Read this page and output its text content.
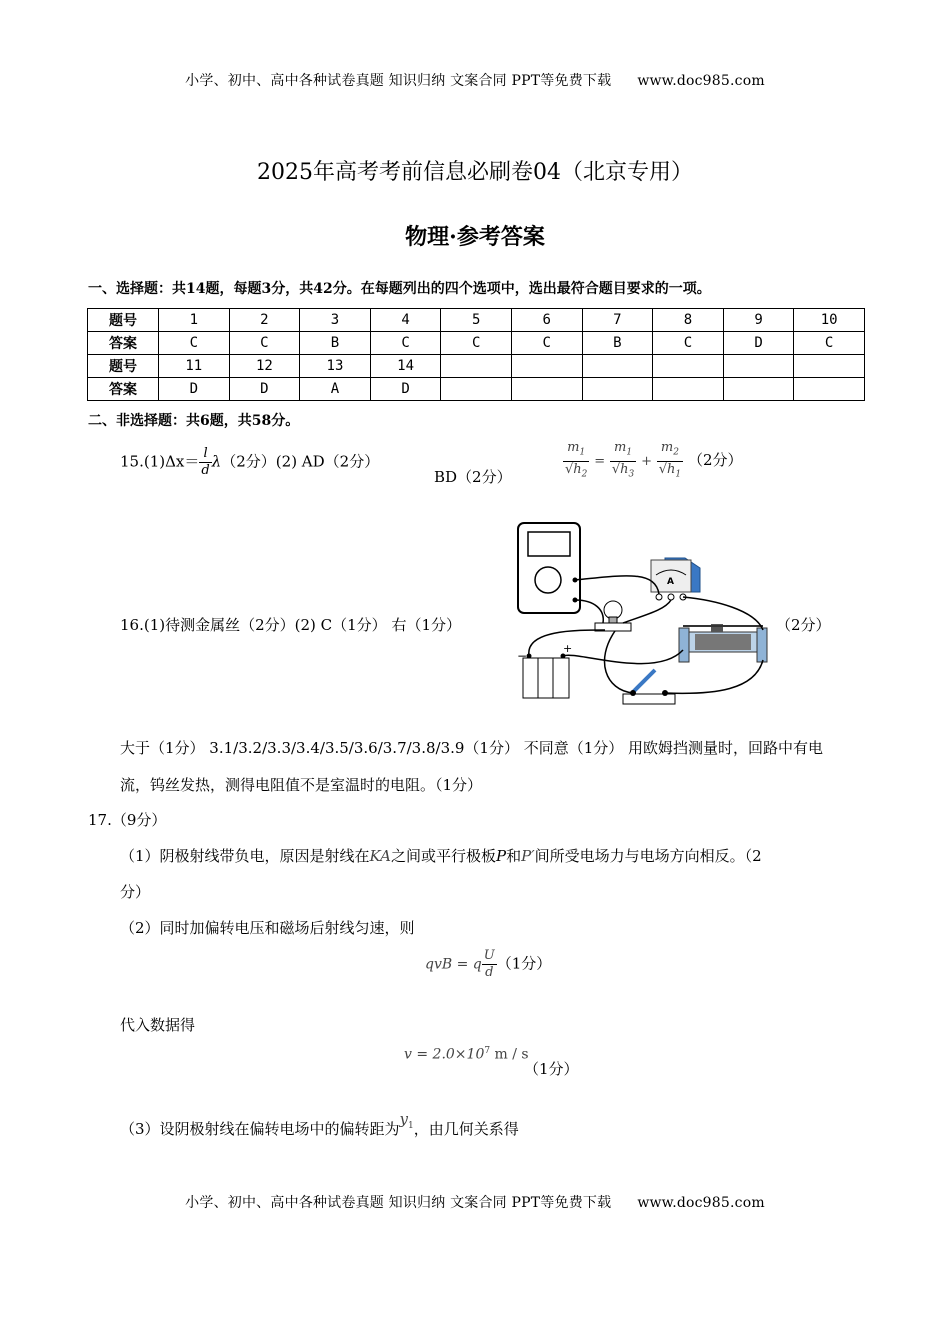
小学、初中、高中各种试卷真题 知识归纳 文案合同 PPT等免费下载 www.doc985.com
2025年高考考前信息必刷卷04（北京专用）
物理·参考答案
一、选择题：共14题，每题3分，共42分。在每题列出的四个选项中，选出最符合题目要求的一项。
题号	1	2	3	4	5	6	7	8	9	10
答案	C	C	B	C	C	C	B	C	D	C
题号	11	12	13	14						
答案	D	D	A	D						
二、非选择题：共6题，共58分。
$15.(1)\Delta x= \frac{l}{d} \lambda(2$分）(2) AD（2分）
BD（2分）	$\frac{m_1}{√h_2} = \frac{m_1}{√h_3} + \frac{m_2}{√h_1} (2$分）
16.(1)待测金属丝（2分）(2) C（1分） 右（1分）	（2分）
A
−
+
大于（1分） 3.1/3.2/3.3/3.4/3.5/3.6/3.7/3.8/3.9（1分） 不同意（1分） 用欧姆挡测量时，回路中有电
流，钨丝发热，测得电阻值不是室温时的电阻。（1分）
17.（9分）
（1）阴极射线带负电，原因是射线在KA之间或平行极板P和P′间所受电场力与电场方向相反。（2
分）
（2）同时加偏转电压和磁场后射线匀速，则
qvB = q $\frac{U}{d} (1$分）
代入数据得
$v = 2.0\times 10^7$ m / s
（1分）
（3）设阴极射线在偏转电场中的偏转距为$y_1$，由几何关系得
小学、初中、高中各种试卷真题 知识归纳 文案合同 PPT等免费下载 www.doc985.com
